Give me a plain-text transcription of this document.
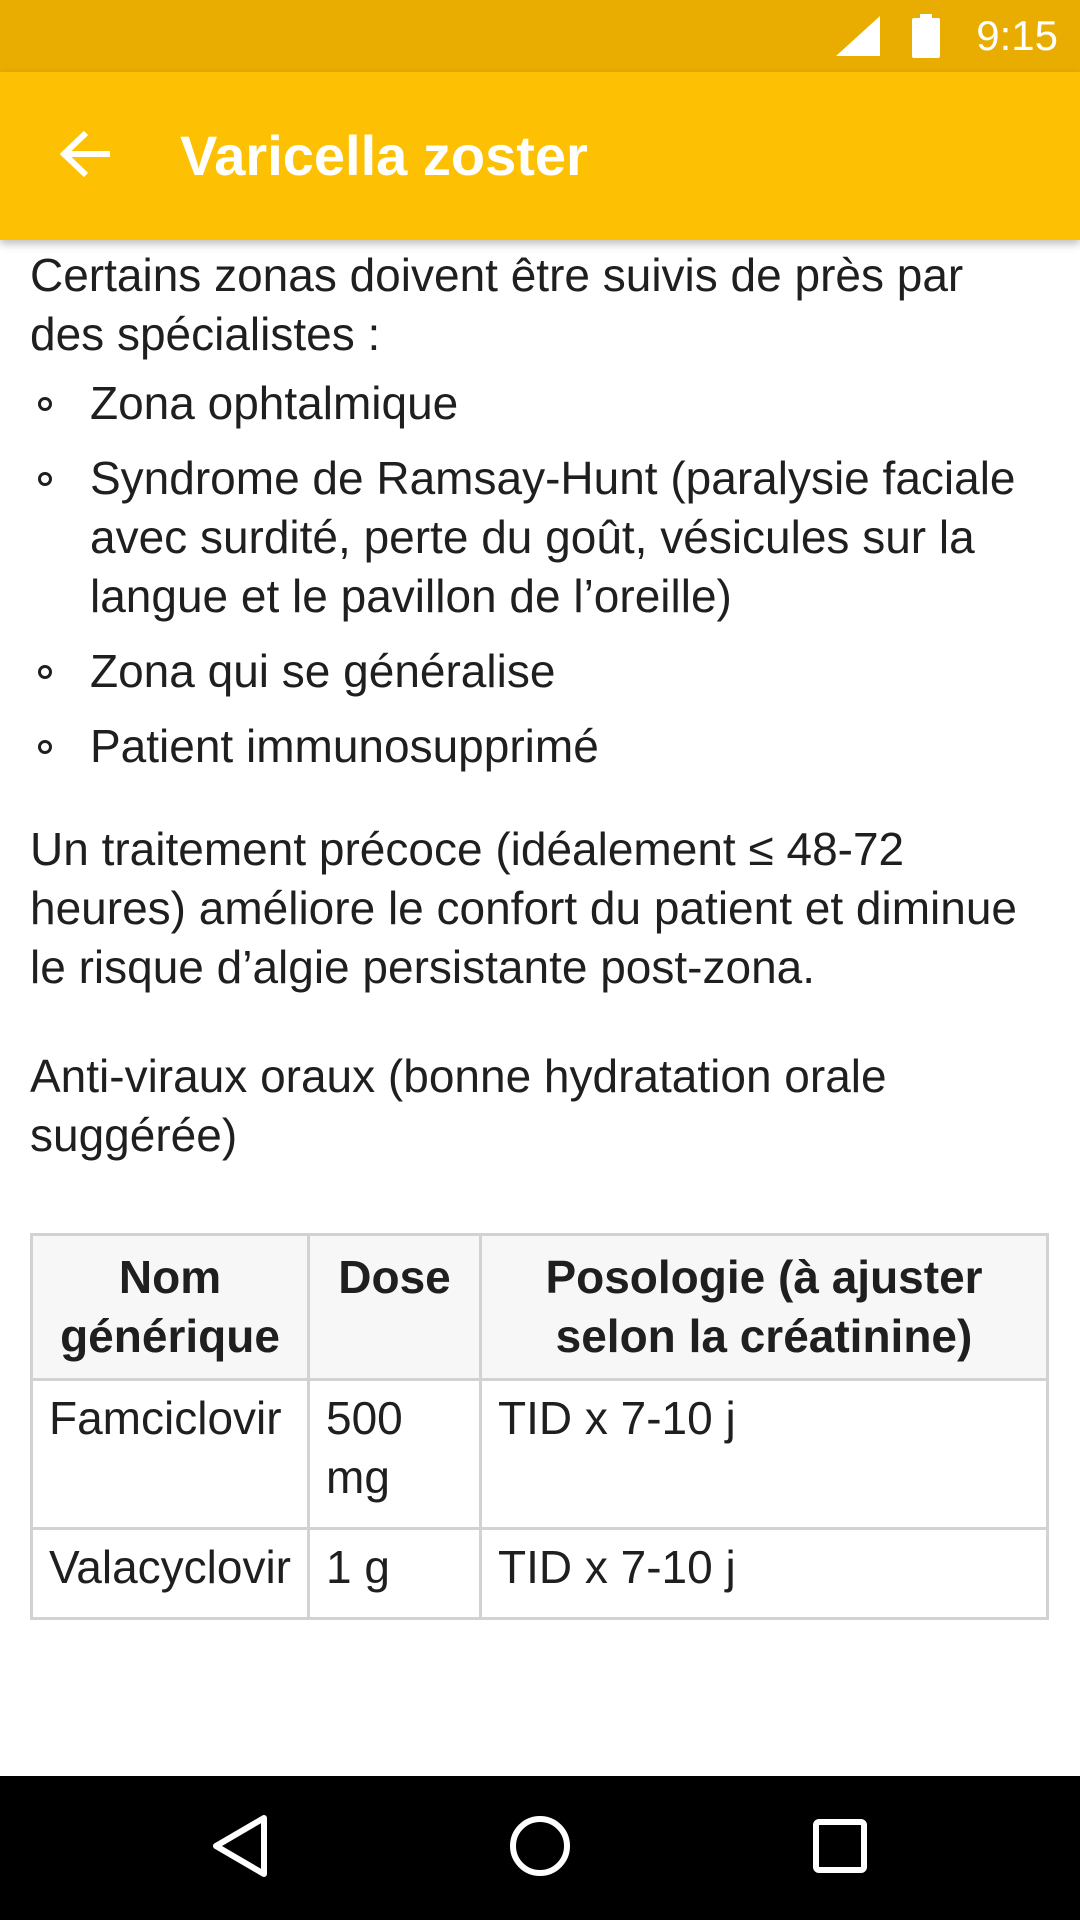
9:15
Varicella zoster

Certains zonas doivent être suivis de près par des spécialistes :

Zona ophtalmique
Syndrome de Ramsay-Hunt (paralysie faciale avec surdité, perte du goût, vésicules sur la langue et le pavillon de l’oreille)
Zona qui se généralise
Patient immunosupprimé

Un traitement précoce (idéalement ≤ 48-72 heures) améliore le confort du patient et diminue le risque d’algie persistante post-zona.

Anti-viraux oraux (bonne hydratation orale suggérée)

Nom générique	Dose	Posologie (à ajuster selon la créatinine)
Famciclovir	500 mg	TID x 7-10 j
Valacyclovir	1 g	TID x 7-10 j
